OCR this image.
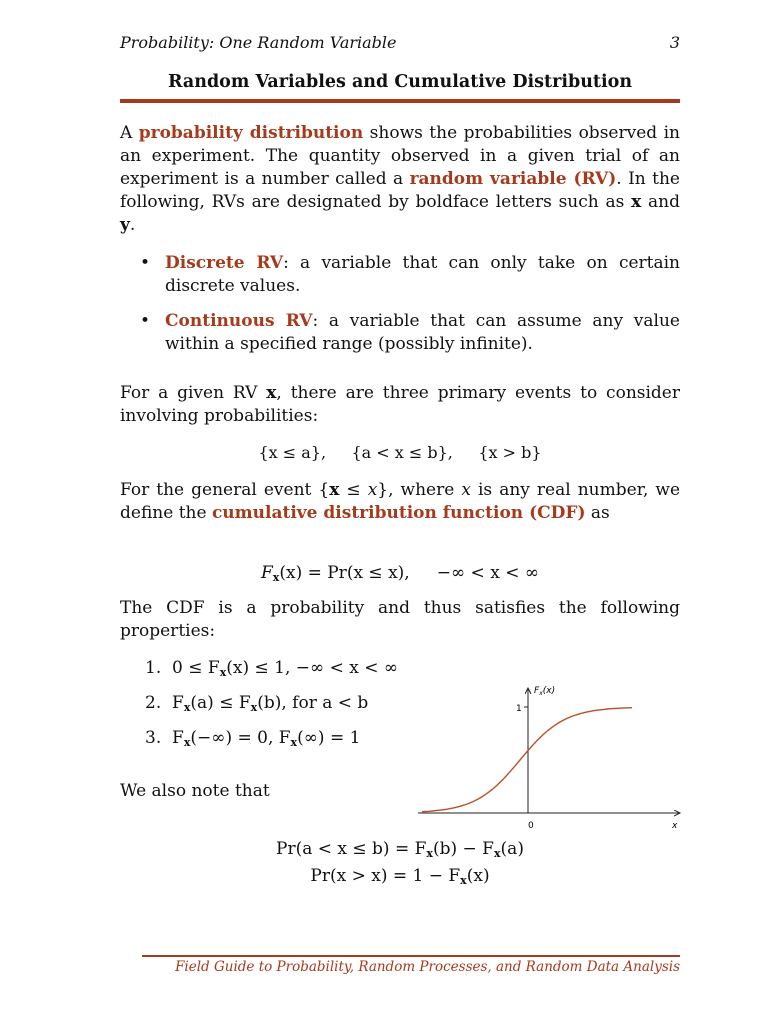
Probability: One Random Variable	3
Random Variables and Cumulative Distribution
A probability distribution shows the probabilities observed in an experiment. The quantity observed in a given trial of an experiment is a number called a random variable (RV). In the following, RVs are designated by boldface letters such as x and y.
• Discrete RV: a variable that can only take on certain discrete values.
• Continuous RV: a variable that can assume any value within a specified range (possibly infinite).
For a given RV x, there are three primary events to consider involving probabilities:
{x ≤ a}, {a < x ≤ b}, {x > b}
For the general event {x ≤ x}, where x is any real number, we define the cumulative distribution function (CDF) as
$F_x(x) = Pr(x \le x)$, −∞ < x < ∞
The CDF is a probability and thus satisfies the following properties:
1. $0 \le F_x(x) \le 1$, −∞ < x < ∞
2. $F_x(a) \le F_x(b)$, for a < b
3. $F_x(-\infty) = 0$, $F_x(\infty) = 1$
We also note that
1
$F_x(x)$
0	x
$Pr(a < x \le b) = F_x(b) - F_x(a)$
$Pr(x > x) = 1 - F_x(x)$
Field Guide to Probability, Random Processes, and Random Data Analysis
